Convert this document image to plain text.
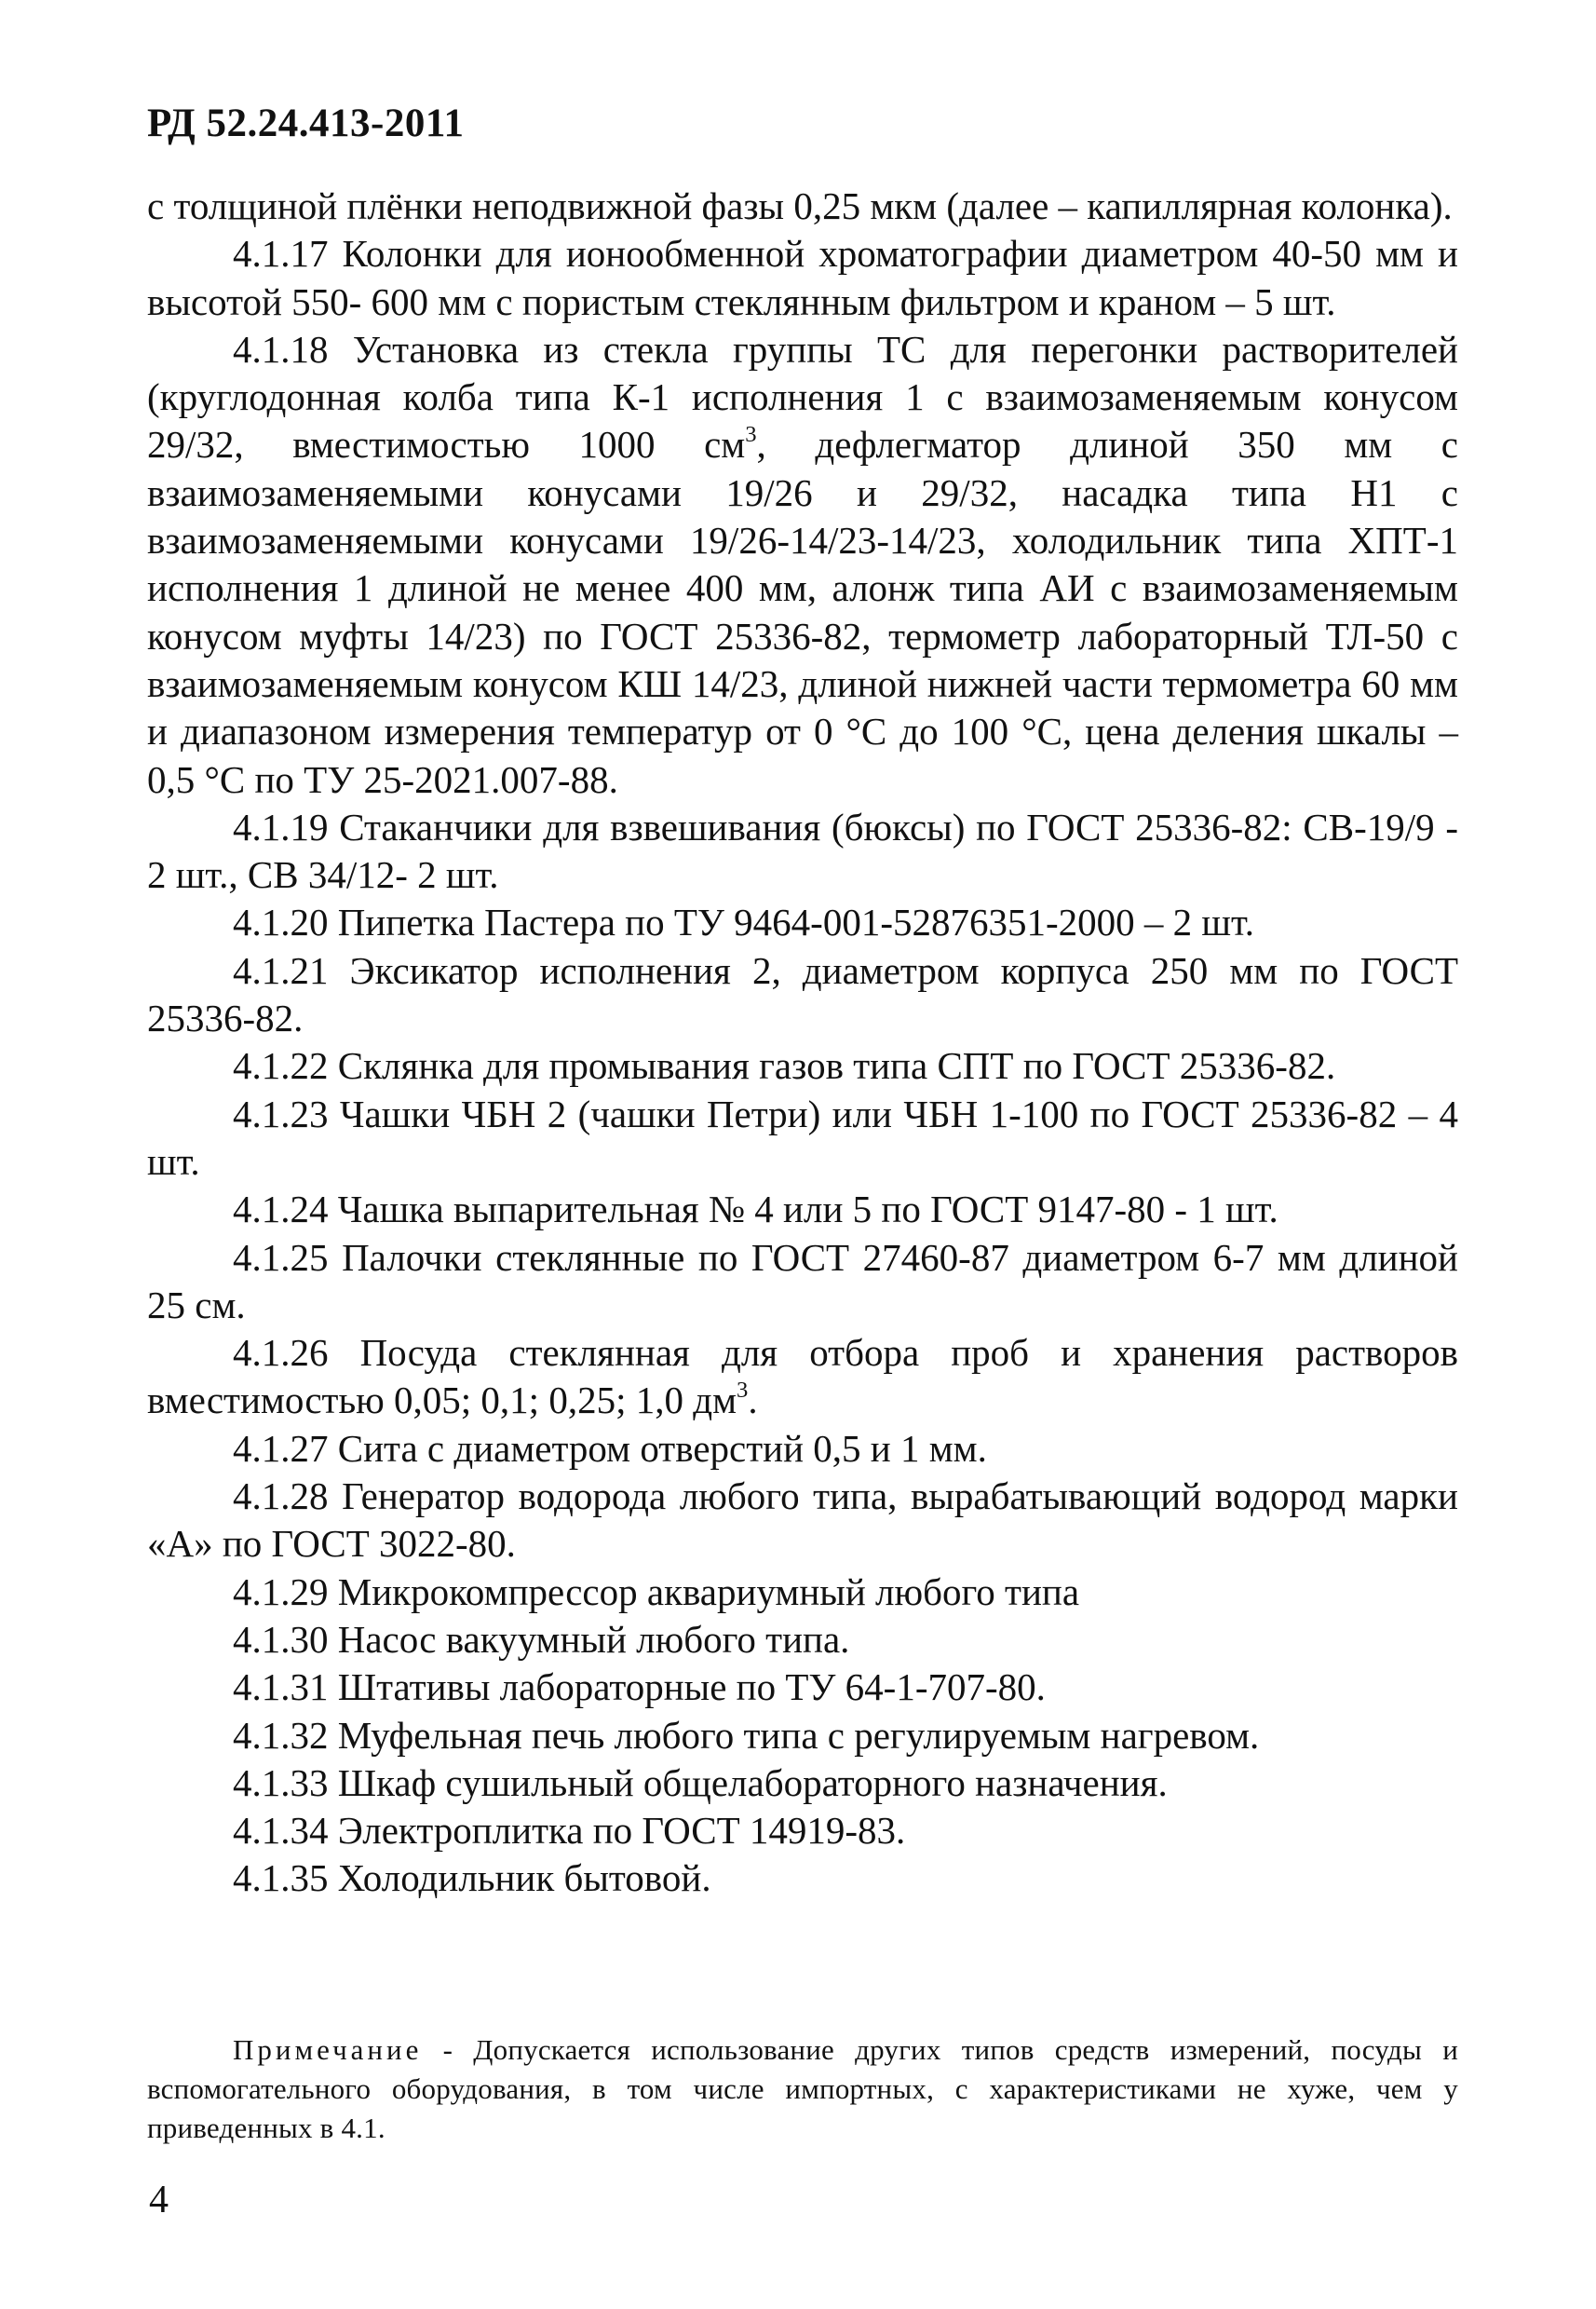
РД 52.24.413-2011

с толщиной плёнки неподвижной фазы 0,25 мкм (далее – капиллярная колонка).

4.1.17 Колонки для ионообменной хроматографии диаметром 40-50 мм и высотой 550- 600 мм с пористым стеклянным фильтром и краном – 5 шт.

4.1.18 Установка из стекла группы ТС для перегонки растворителей (круглодонная колба типа К-1 исполнения 1 с взаимозаменяемым конусом 29/32, вместимостью 1000 $см^3$, дефлегматор длиной 350 мм с взаимозаменяемыми конусами 19/26 и 29/32, насадка типа Н1 с взаимозаменяемыми конусами 19/26-14/23-14/23, холодильник типа ХПТ-1 исполнения 1 длиной не менее 400 мм, алонж типа АИ с взаимозаменяемым конусом муфты 14/23) по ГОСТ 25336-82, термометр лабораторный ТЛ-50 с взаимозаменяемым конусом КШ 14/23, длиной нижней части термометра 60 мм и диапазоном измерения температур от 0 °С до 100 °С, цена деления шкалы – 0,5 °С по ТУ 25-2021.007-88.

4.1.19 Стаканчики для взвешивания (бюксы) по ГОСТ 25336-82: СВ-19/9 - 2 шт., СВ 34/12- 2 шт.

4.1.20 Пипетка Пастера по ТУ 9464-001-52876351-2000 – 2 шт.

4.1.21 Эксикатор исполнения 2, диаметром корпуса 250 мм по ГОСТ 25336-82.

4.1.22 Склянка для промывания газов типа СПТ по ГОСТ 25336-82.

4.1.23 Чашки ЧБН 2 (чашки Петри) или ЧБН 1-100 по ГОСТ 25336-82 – 4 шт.

4.1.24 Чашка выпарительная № 4 или 5 по ГОСТ 9147-80 - 1 шт.

4.1.25 Палочки стеклянные по ГОСТ 27460-87 диаметром 6-7 мм длиной 25 см.

4.1.26 Посуда стеклянная для отбора проб и хранения растворов вместимостью 0,05; 0,1; 0,25; 1,0 $дм^3$.

4.1.27 Сита с диаметром отверстий 0,5 и 1 мм.

4.1.28 Генератор водорода любого типа, вырабатывающий водород марки «А» по ГОСТ 3022-80.

4.1.29 Микрокомпрессор аквариумный любого типа

4.1.30 Насос вакуумный любого типа.

4.1.31 Штативы лабораторные по ТУ 64-1-707-80.

4.1.32 Муфельная печь любого типа с регулируемым нагревом.

4.1.33 Шкаф сушильный общелабораторного назначения.

4.1.34 Электроплитка по ГОСТ 14919-83.

4.1.35 Холодильник бытовой.

Примечание - Допускается использование других типов средств измерений, посуды и вспомогательного оборудования, в том числе импортных, с характеристиками не хуже, чем у приведенных в 4.1.
4
